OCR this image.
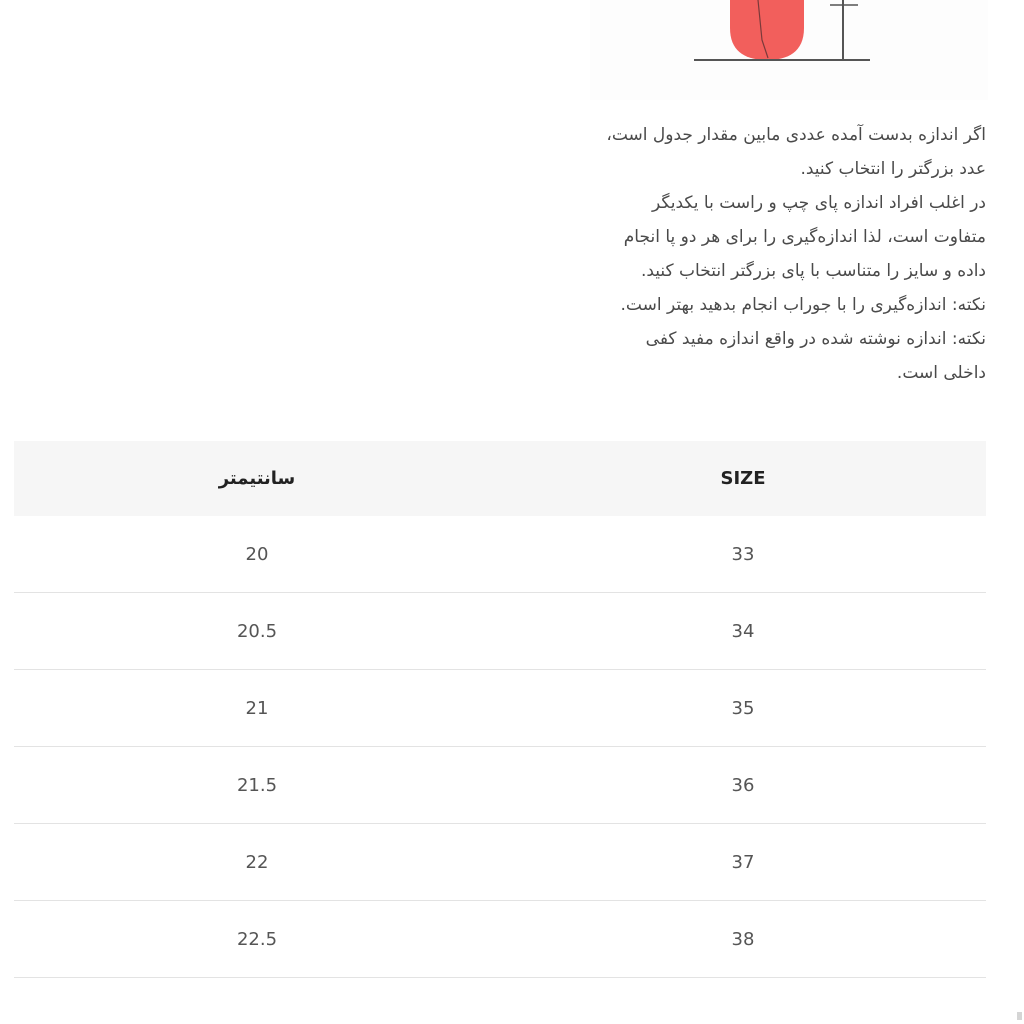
اگر اندازه بدست آمده عددی مابین مقدار جدول است،
عدد بزرگتر را انتخاب کنید.
در اغلب افراد اندازه پای چپ و راست با یکدیگر
متفاوت است، لذا اندازه‌گیری را برای هر دو پا انجام
داده و سایز را متناسب با پای بزرگتر انتخاب کنید.
نکته: اندازه‌گیری را با جوراب انجام بدهید بهتر است.
نکته: اندازه نوشته شده در واقع اندازه مفید کفی
داخلی است.
سانتیمتر	SIZE
20	33
20.5	34
21	35
21.5	36
22	37
22.5	38
